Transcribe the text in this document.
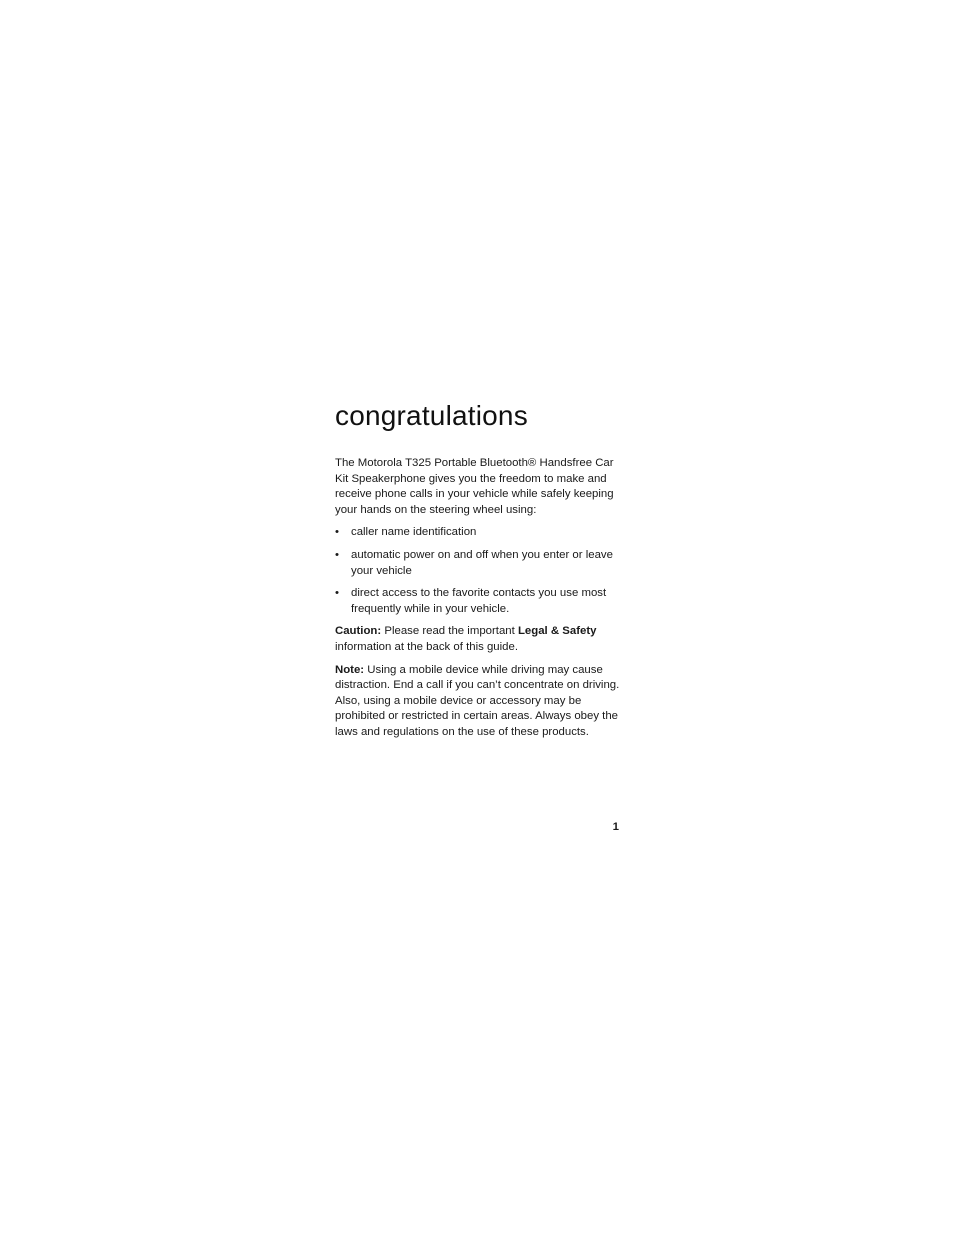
congratulations

The Motorola T325 Portable Bluetooth® Handsfree Car Kit Speakerphone gives you the freedom to make and receive phone calls in your vehicle while safely keeping your hands on the steering wheel using:

• caller name identification
• automatic power on and off when you enter or leave your vehicle
• direct access to the favorite contacts you use most frequently while in your vehicle.

Caution: Please read the important Legal & Safety information at the back of this guide.

Note: Using a mobile device while driving may cause distraction. End a call if you can’t concentrate on driving. Also, using a mobile device or accessory may be prohibited or restricted in certain areas. Always obey the laws and regulations on the use of these products.

1
